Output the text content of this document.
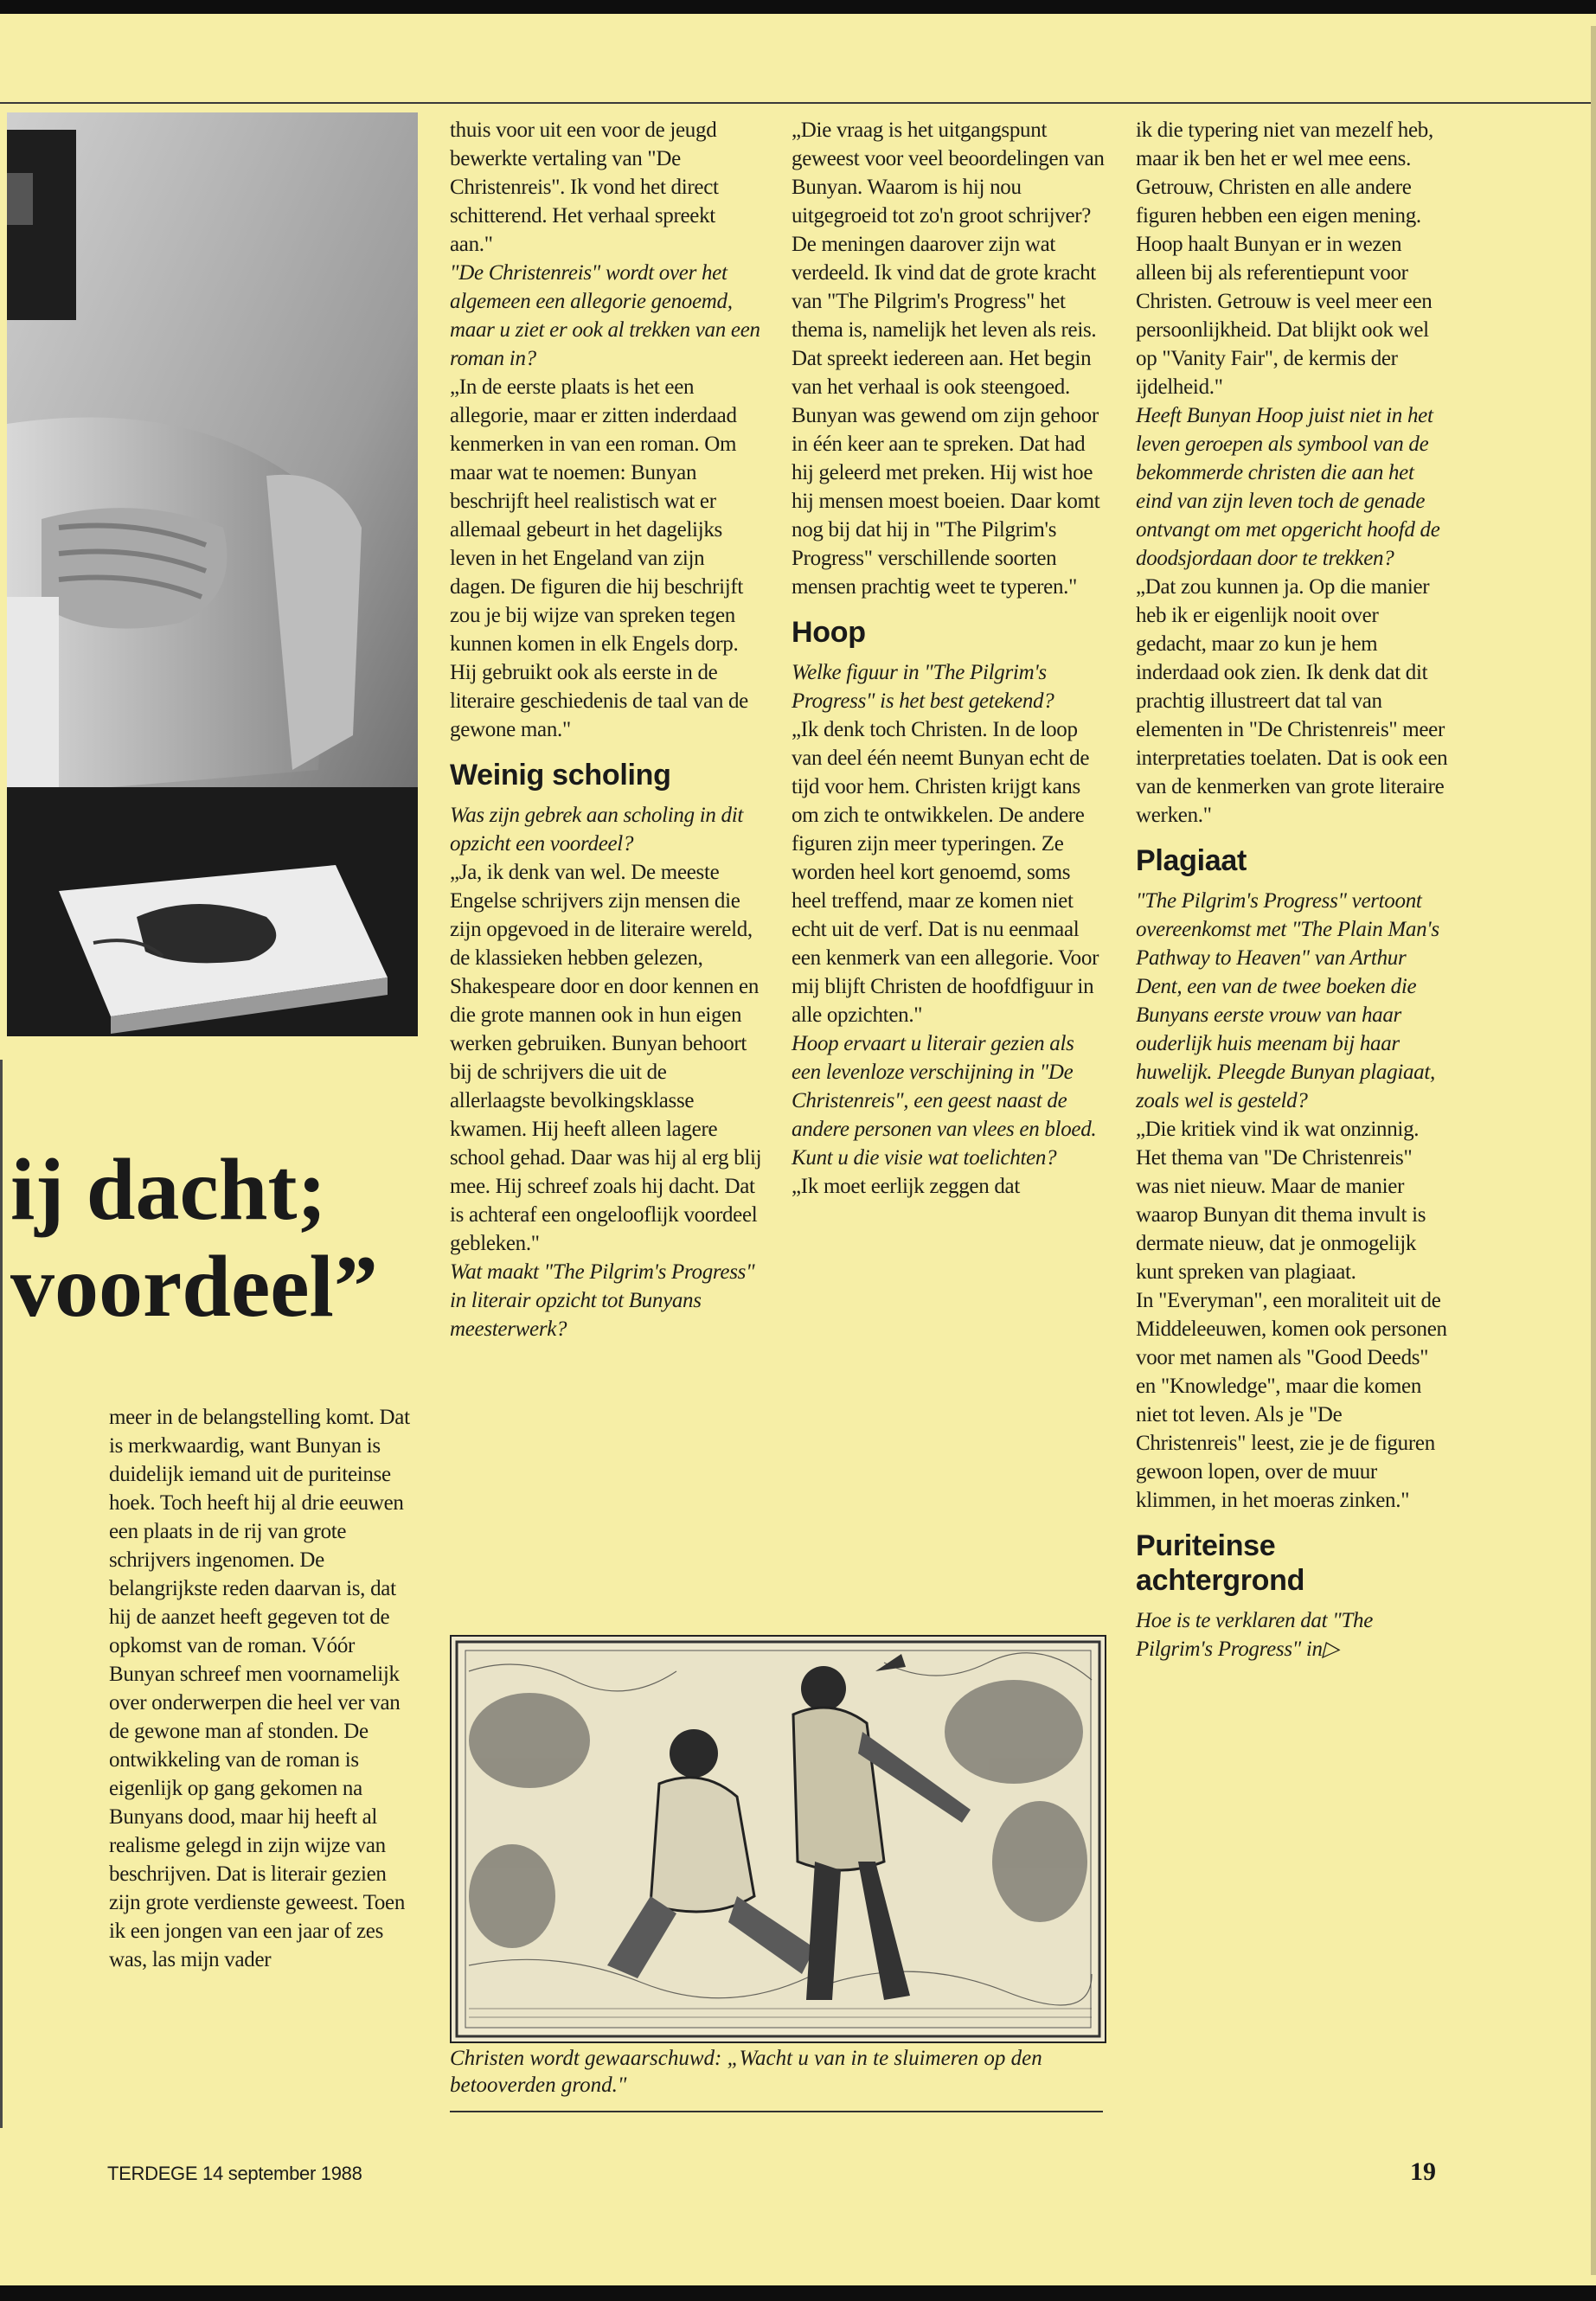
ij dacht;
voordeel”

meer in de belangstelling komt. Dat is merkwaardig, want Bunyan is duidelijk iemand uit de puriteinse hoek. Toch heeft hij al drie eeuwen een plaats in de rij van grote schrijvers ingenomen. De belangrijkste reden daarvan is, dat hij de aanzet heeft gegeven tot de opkomst van de roman. Vóór Bunyan schreef men voornamelijk over onderwerpen die heel ver van de gewone man af stonden. De ontwikkeling van de roman is eigenlijk op gang gekomen na Bunyans dood, maar hij heeft al realisme gelegd in zijn wijze van beschrijven. Dat is literair gezien zijn grote verdienste geweest. Toen ik een jongen van een jaar of zes was, las mijn vader

thuis voor uit een voor de jeugd bewerkte vertaling van "De Christenreis". Ik vond het direct schitterend. Het verhaal spreekt aan."

"De Christenreis" wordt over het algemeen een allegorie genoemd, maar u ziet er ook al trekken van een roman in?

„In de eerste plaats is het een allegorie, maar er zitten inderdaad kenmerken in van een roman. Om maar wat te noemen: Bunyan beschrijft heel realistisch wat er allemaal gebeurt in het dagelijks leven in het Engeland van zijn dagen. De figuren die hij beschrijft zou je bij wijze van spreken tegen kunnen komen in elk Engels dorp. Hij gebruikt ook als eerste in de literaire geschiedenis de taal van de gewone man."

Weinig scholing

Was zijn gebrek aan scholing in dit opzicht een voordeel?

„Ja, ik denk van wel. De meeste Engelse schrijvers zijn mensen die zijn opgevoed in de literaire wereld, de klassieken hebben gelezen, Shakespeare door en door kennen en die grote mannen ook in hun eigen werken gebruiken. Bunyan behoort bij de schrijvers die uit de allerlaagste bevolkingsklasse kwamen. Hij heeft alleen lagere school gehad. Daar was hij al erg blij mee. Hij schreef zoals hij dacht. Dat is achteraf een ongelooflijk voordeel gebleken."

Wat maakt "The Pilgrim's Progress" in literair opzicht tot Bunyans meesterwerk?

„Die vraag is het uitgangspunt geweest voor veel beoordelingen van Bunyan. Waarom is hij nou uitgegroeid tot zo'n groot schrijver? De meningen daarover zijn wat verdeeld. Ik vind dat de grote kracht van "The Pilgrim's Progress" het thema is, namelijk het leven als reis. Dat spreekt iedereen aan. Het begin van het verhaal is ook steengoed. Bunyan was gewend om zijn gehoor in één keer aan te spreken. Dat had hij geleerd met preken. Hij wist hoe hij mensen moest boeien. Daar komt nog bij dat hij in "The Pilgrim's Progress" verschillende soorten mensen prachtig weet te typeren."

Hoop

Welke figuur in "The Pilgrim's Progress" is het best getekend?

„Ik denk toch Christen. In de loop van deel één neemt Bunyan echt de tijd voor hem. Christen krijgt kans om zich te ontwikkelen. De andere figuren zijn meer typeringen. Ze worden heel kort genoemd, soms heel treffend, maar ze komen niet echt uit de verf. Dat is nu eenmaal een kenmerk van een allegorie. Voor mij blijft Christen de hoofdfiguur in alle opzichten."

Hoop ervaart u literair gezien als een levenloze verschijning in "De Christenreis", een geest naast de andere personen van vlees en bloed. Kunt u die visie wat toelichten?

„Ik moet eerlijk zeggen dat

ik die typering niet van mezelf heb, maar ik ben het er wel mee eens. Getrouw, Christen en alle andere figuren hebben een eigen mening. Hoop haalt Bunyan er in wezen alleen bij als referentiepunt voor Christen. Getrouw is veel meer een persoonlijkheid. Dat blijkt ook wel op "Vanity Fair", de kermis der ijdelheid."

Heeft Bunyan Hoop juist niet in het leven geroepen als symbool van de bekommerde christen die aan het eind van zijn leven toch de genade ontvangt om met opgericht hoofd de doodsjordaan door te trekken?

„Dat zou kunnen ja. Op die manier heb ik er eigenlijk nooit over gedacht, maar zo kun je hem inderdaad ook zien. Ik denk dat dit prachtig illustreert dat tal van elementen in "De Christenreis" meer interpretaties toelaten. Dat is ook een van de kenmerken van grote literaire werken."

Plagiaat

"The Pilgrim's Progress" vertoont overeenkomst met "The Plain Man's Pathway to Heaven" van Arthur Dent, een van de twee boeken die Bunyans eerste vrouw van haar ouderlijk huis meenam bij haar huwelijk. Pleegde Bunyan plagiaat, zoals wel is gesteld?

„Die kritiek vind ik wat onzinnig. Het thema van "De Christenreis" was niet nieuw. Maar de manier waarop Bunyan dit thema invult is dermate nieuw, dat je onmogelijk kunt spreken van plagiaat.

In "Everyman", een moraliteit uit de Middeleeuwen, komen ook personen voor met namen als "Good Deeds" en "Knowledge", maar die komen niet tot leven. Als je "De Christenreis" leest, zie je de figuren gewoon lopen, over de muur klimmen, in het moeras zinken."

Puriteinse achtergrond

Hoe is te verklaren dat "The Pilgrim's Progress" in▷

Christen wordt gewaarschuwd: „Wacht u van in te sluimeren op den betooverden grond."
TERDEGE 14 september 1988	19
